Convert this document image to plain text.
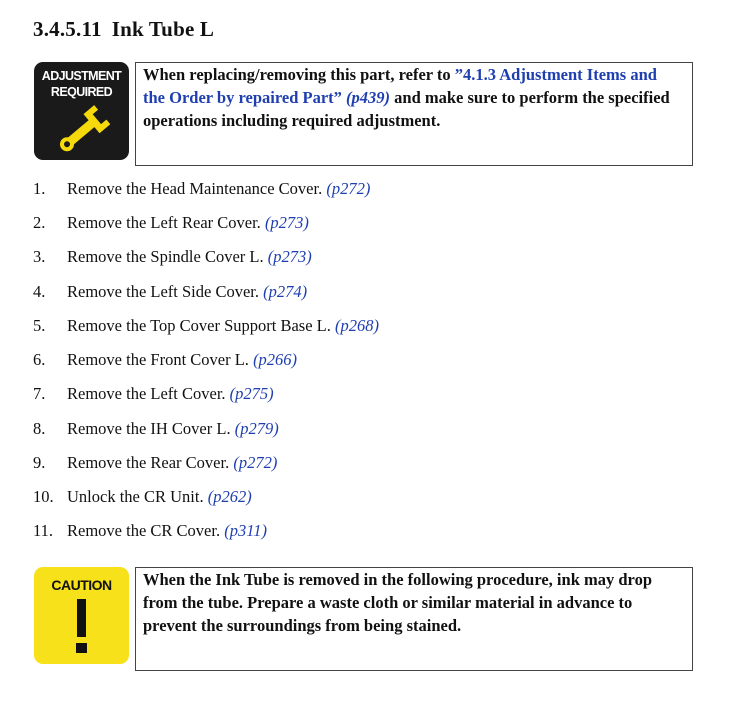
3.4.5.11 Ink Tube L
ADJUSTMENT
REQUIRED
When replacing/removing this part, refer to ”4.1.3 Adjustment Items and the Order by repaired Part” (p439) and make sure to perform the specified operations including required adjustment.
1. Remove the Head Maintenance Cover. (p272)
2. Remove the Left Rear Cover. (p273)
3. Remove the Spindle Cover L. (p273)
4. Remove the Left Side Cover. (p274)
5. Remove the Top Cover Support Base L. (p268)
6. Remove the Front Cover L. (p266)
7. Remove the Left Cover. (p275)
8. Remove the IH Cover L. (p279)
9. Remove the Rear Cover. (p272)
10. Unlock the CR Unit. (p262)
11. Remove the CR Cover. (p311)
CAUTION	When the Ink Tube is removed in the following procedure, ink may drop from the tube. Prepare a waste cloth or similar material in advance to prevent the surroundings from being stained.
